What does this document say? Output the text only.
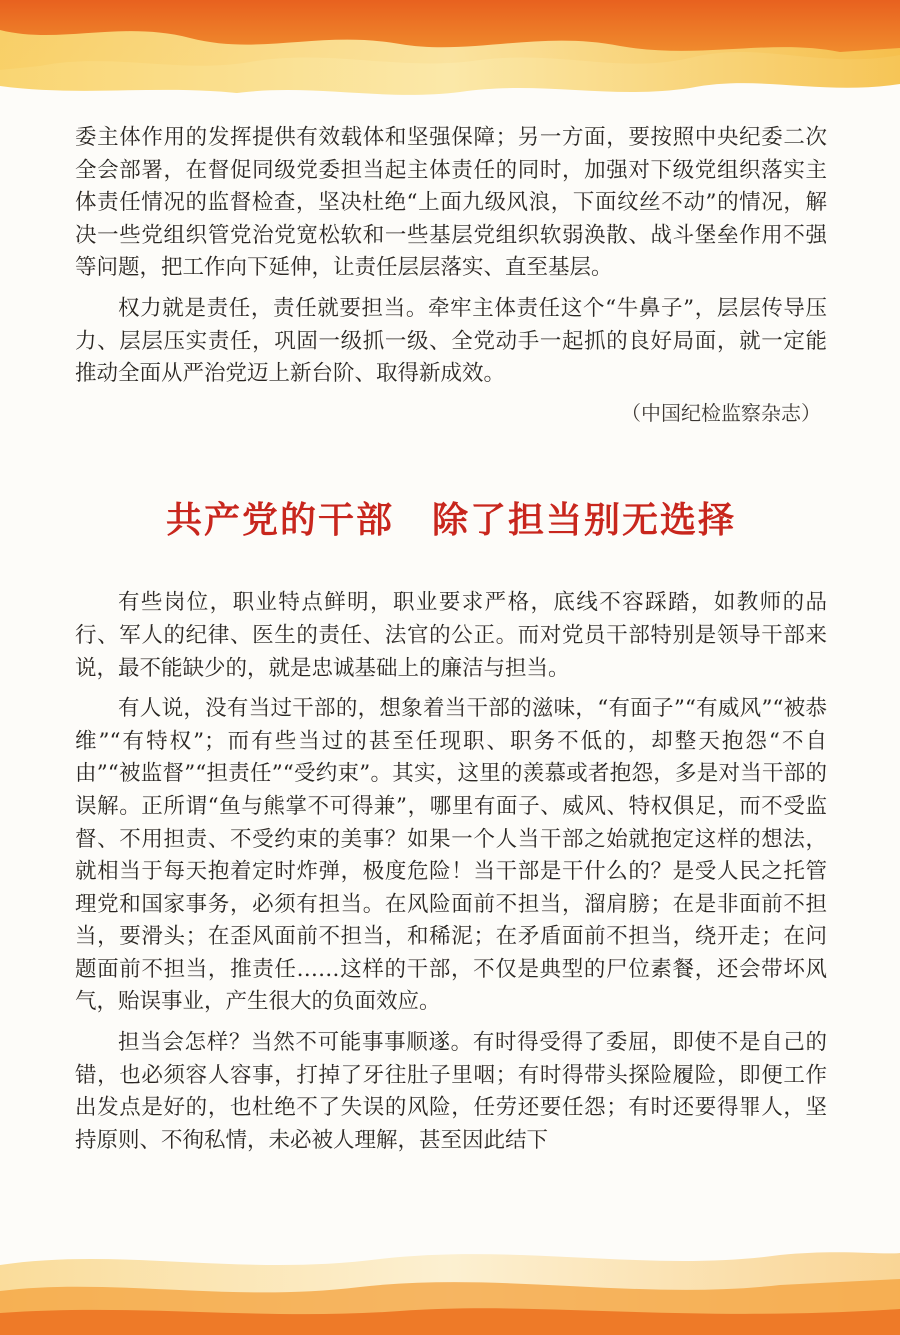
委主体作用的发挥提供有效载体和坚强保障；另一方面，要按照中央纪委二次全会部署，在督促同级党委担当起主体责任的同时，加强对下级党组织落实主体责任情况的监督检查，坚决杜绝“上面九级风浪，下面纹丝不动”的情况，解决一些党组织管党治党宽松软和一些基层党组织软弱涣散、战斗堡垒作用不强等问题，把工作向下延伸，让责任层层落实、直至基层。

权力就是责任，责任就要担当。牵牢主体责任这个“牛鼻子”，层层传导压力、层层压实责任，巩固一级抓一级、全党动手一起抓的良好局面，就一定能推动全面从严治党迈上新台阶、取得新成效。

（中国纪检监察杂志）

共产党的干部 除了担当别无选择

有些岗位，职业特点鲜明，职业要求严格，底线不容踩踏，如教师的品行、军人的纪律、医生的责任、法官的公正。而对党员干部特别是领导干部来说，最不能缺少的，就是忠诚基础上的廉洁与担当。

有人说，没有当过干部的，想象着当干部的滋味，“有面子”“有威风”“被恭维”“有特权”；而有些当过的甚至任现职、职务不低的，却整天抱怨“不自由”“被监督”“担责任”“受约束”。其实，这里的羡慕或者抱怨，多是对当干部的误解。正所谓“鱼与熊掌不可得兼”，哪里有面子、威风、特权俱足，而不受监督、不用担责、不受约束的美事？如果一个人当干部之始就抱定这样的想法，就相当于每天抱着定时炸弹，极度危险！当干部是干什么的？是受人民之托管理党和国家事务，必须有担当。在风险面前不担当，溜肩膀；在是非面前不担当，要滑头；在歪风面前不担当，和稀泥；在矛盾面前不担当，绕开走；在问题面前不担当，推责任……这样的干部，不仅是典型的尸位素餐，还会带坏风气，贻误事业，产生很大的负面效应。

担当会怎样？当然不可能事事顺遂。有时得受得了委屈，即使不是自己的错，也必须容人容事，打掉了牙往肚子里咽；有时得带头探险履险，即便工作出发点是好的，也杜绝不了失误的风险，任劳还要任怨；有时还要得罪人，坚持原则、不徇私情，未必被人理解，甚至因此结下
